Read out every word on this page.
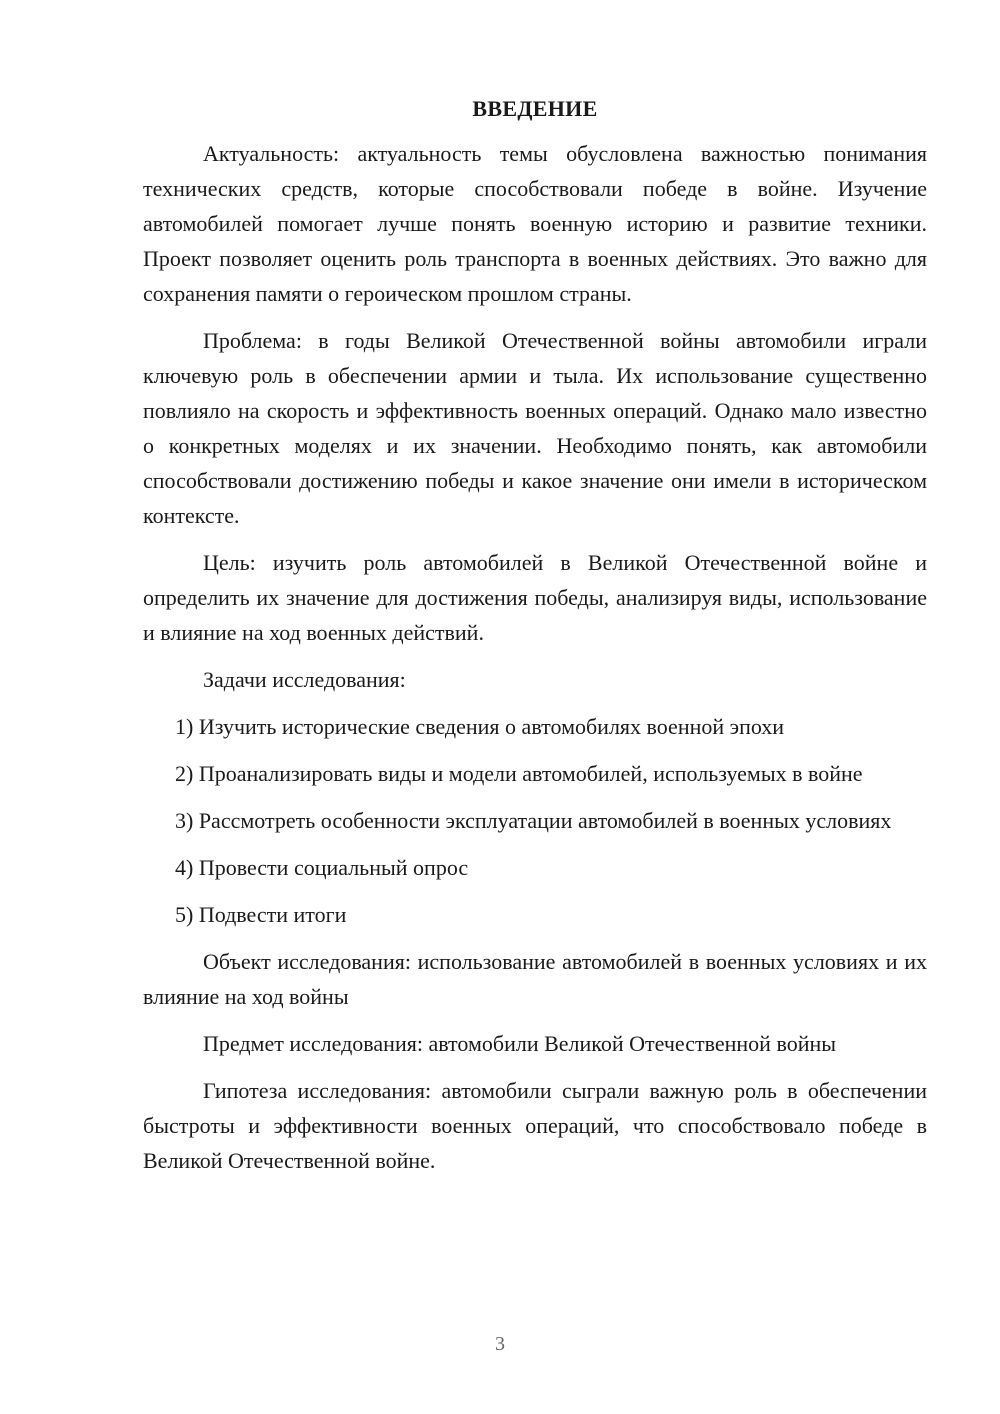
ВВЕДЕНИЕ

Актуальность: актуальность темы обусловлена важностью понимания технических средств, которые способствовали победе в войне. Изучение автомобилей помогает лучше понять военную историю и развитие техники. Проект позволяет оценить роль транспорта в военных действиях. Это важно для сохранения памяти о героическом прошлом страны.

Проблема: в годы Великой Отечественной войны автомобили играли ключевую роль в обеспечении армии и тыла. Их использование существенно повлияло на скорость и эффективность военных операций. Однако мало известно о конкретных моделях и их значении. Необходимо понять, как автомобили способствовали достижению победы и какое значение они имели в историческом контексте.

Цель: изучить роль автомобилей в Великой Отечественной войне и определить их значение для достижения победы, анализируя виды, использование и влияние на ход военных действий.

Задачи исследования:

1) Изучить исторические сведения о автомобилях военной эпохи

2) Проанализировать виды и модели автомобилей, используемых в войне

3) Рассмотреть особенности эксплуатации автомобилей в военных условиях

4) Провести социальный опрос

5) Подвести итоги

Объект исследования: использование автомобилей в военных условиях и их влияние на ход войны

Предмет исследования: автомобили Великой Отечественной войны

Гипотеза исследования: автомобили сыграли важную роль в обеспечении быстроты и эффективности военных операций, что способствовало победе в Великой Отечественной войне.

3
